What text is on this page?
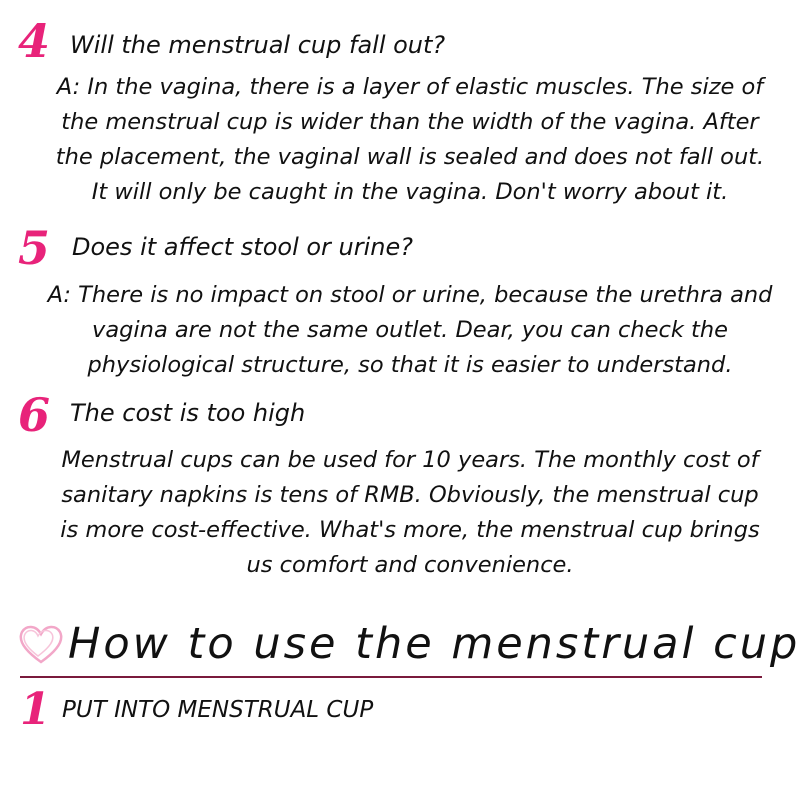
4 Will the menstrual cup fall out?
A: In the vagina, there is a layer of elastic muscles. The size of
the menstrual cup is wider than the width of the vagina. After
the placement, the vaginal wall is sealed and does not fall out.
It will only be caught in the vagina. Don't worry about it.
5 Does it affect stool or urine?
A: There is no impact on stool or urine, because the urethra and
vagina are not the same outlet. Dear, you can check the
physiological structure, so that it is easier to understand.
6 The cost is too high
Menstrual cups can be used for 10 years. The monthly cost of
sanitary napkins is tens of RMB. Obviously, the menstrual cup
is more cost-effective. What's more, the menstrual cup brings
us comfort and convenience.
How to use the menstrual cup
1 PUT INTO MENSTRUAL CUP
